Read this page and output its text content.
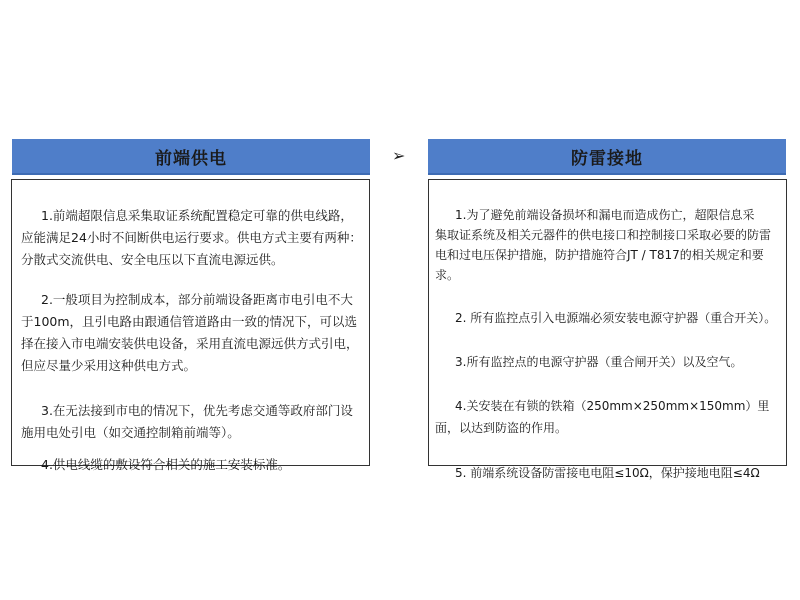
前端供电	➢	防雷接地

1.前端超限信息采集取证系统配置稳定可靠的供电线路，应能满足24小时不间断供电运行要求。供电方式主要有两种：分散式交流供电、安全电压以下直流电源远供。

2.一般项目为控制成本，部分前端设备距离市电引电不大于100m，且引电路由跟通信管道路由一致的情况下，可以选择在接入市电端安装供电设备，采用直流电源远供方式引电，但应尽量少采用这种供电方式。

3.在无法接到市电的情况下，优先考虑交通等政府部门设施用电处引电（如交通控制箱前端等）。

4.供电线缆的敷设符合相关的施工安装标准。

1.为了避免前端设备损坏和漏电而造成伤亡，超限信息采　　集取证系统及相关元器件的供电接口和控制接口采取必要的防雷电和过电压保护措施，防护措施符合JT / T817的相关规定和要求。

2. 所有监控点引入电源端必须安装电源守护器（重合开关）。

3.所有监控点的电源守护器（重合闸开关）以及空气。

4.关安装在有锁的铁箱（250mm×250mm×150mm）里面，以达到防盗的作用。

5. 前端系统设备防雷接电电阻≤10Ω，保护接地电阻≤4Ω
